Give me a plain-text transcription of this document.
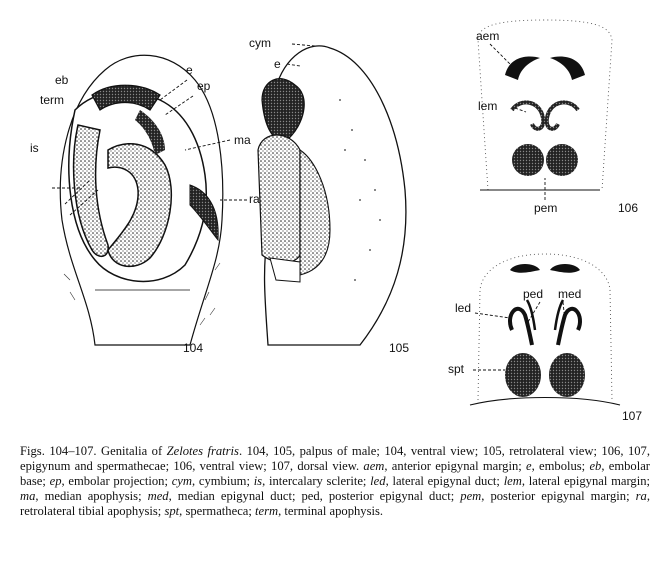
eb
term
is
e
ep
ma
ra
104
cym
e
105
aem
lem
pem	106
led
ped med
spt
107
Figs. 104–107. Genitalia of Zelotes fratris. 104, 105, palpus of male; 104, ventral view; 105, retrolateral view; 106, 107, epigynum and spermathecae; 106, ventral view; 107, dorsal view. aem, anterior epigynal margin; e, embolus; eb, embolar base; ep, embolar projection; cym, cymbium; is, intercalary sclerite; led, lateral epigynal duct; lem, lateral epigynal margin; ma, median apophysis; med, median epigynal duct; ped, posterior epigynal duct; pem, posterior epigynal margin; ra, retrolateral tibial apophysis; spt, spermatheca; term, terminal apophysis.
